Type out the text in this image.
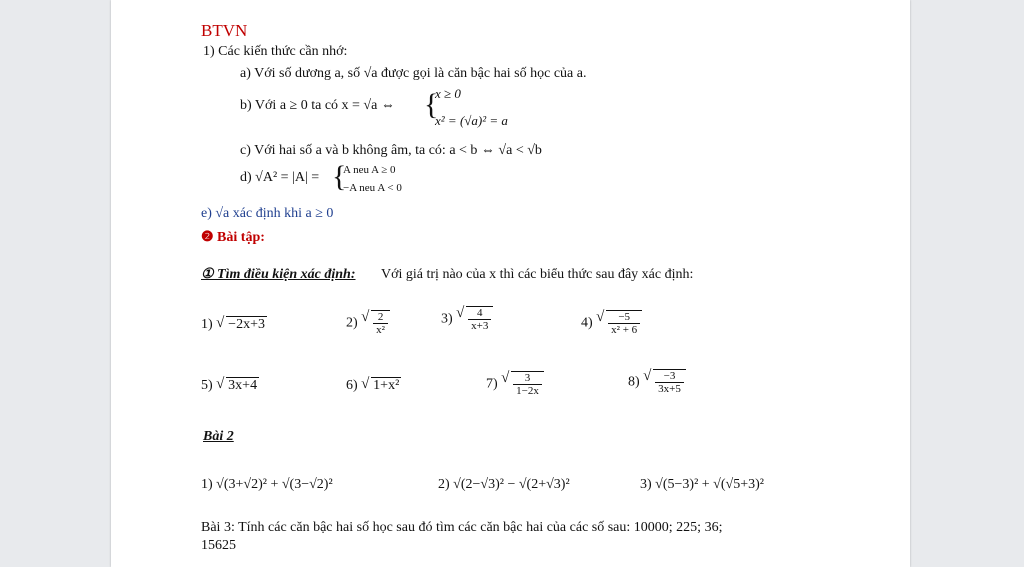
BTVN
1) Các kiến thức cần nhớ:
a) Với số dương a, số √a được gọi là căn bậc hai số học của a.
b) Với a ≥ 0 ta có x = √a ⇔ {
x ≥ 0
x² = (√a)² = a
c) Với hai số a và b không âm, ta có: a < b ⇔ √a < √b
d) √A² = |A| = {
A neu A ≥ 0
−A neu A < 0
e) √a xác định khi a ≥ 0
❷ Bài tập:
① Tìm điều kiện xác định: Với giá trị nào của x thì các biểu thức sau đây xác định:
1) √ −2x+3	2) √ $\frac{2}{\text{x²}}$	3) √ $\frac{4}{x+3}$	4) √ $\frac{-5}{\text{x² + 6}}$
5) √ 3x+4	6) √ 1+x²	7) √ $\frac{3}{1-2x}$	8) √ $\frac{-3}{3x+5}$
Bài 2
1) √(3+√2)² + √(3−√2)²	2) √(2−√3)² − √(2+√3)²	3) √(5−3)² + √(√5+3)²
Bài 3: Tính các căn bậc hai số học sau đó tìm các căn bậc hai của các số sau: 10000; 225; 36;
15625
